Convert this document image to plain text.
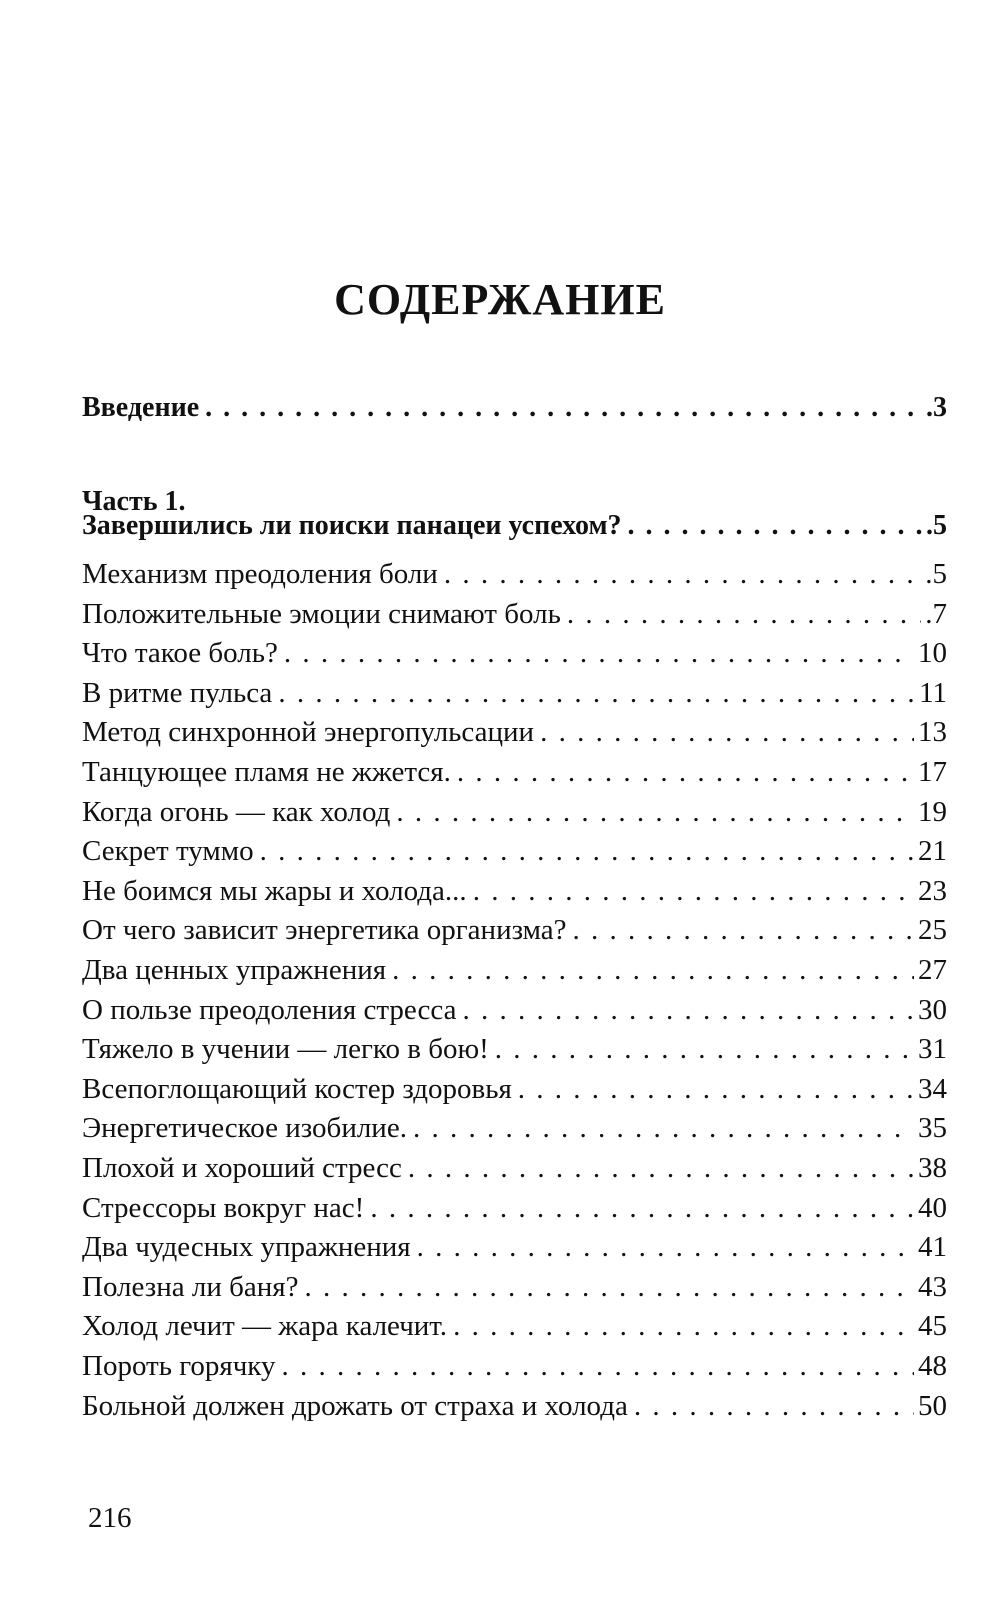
СОДЕРЖАНИЕ
Введение . . .	.3
Часть 1.
Завершились ли поиски панацеи успехом? . . .	.5
Механизм преодоления боли . . .	.5
Положительные эмоции снимают боль . . .	.7
Что такое боль? . . .	10
В ритме пульса . . .	11
Метод синхронной энергопульсации . . .	13
Танцующее пламя не жжется. . . .	17
Когда огонь — как холод . . .	19
Секрет туммо . . .	21
Не боимся мы жары и холода... . . .	23
От чего зависит энергетика организма? . . .	25
Два ценных упражнения . . .	27
О пользе преодоления стресса . . .	30
Тяжело в учении — легко в бою! . . .	31
Всепоглощающий костер здоровья . . .	34
Энергетическое изобилие. . . .	35
Плохой и хороший стресс . . .	38
Стрессоры вокруг нас! . . .	40
Два чудесных упражнения . . .	41
Полезна ли баня? . . .	43
Холод лечит — жара калечит. . . .	45
Пороть горячку . . .	48
Больной должен дрожать от страха и холода . . .	50
216
